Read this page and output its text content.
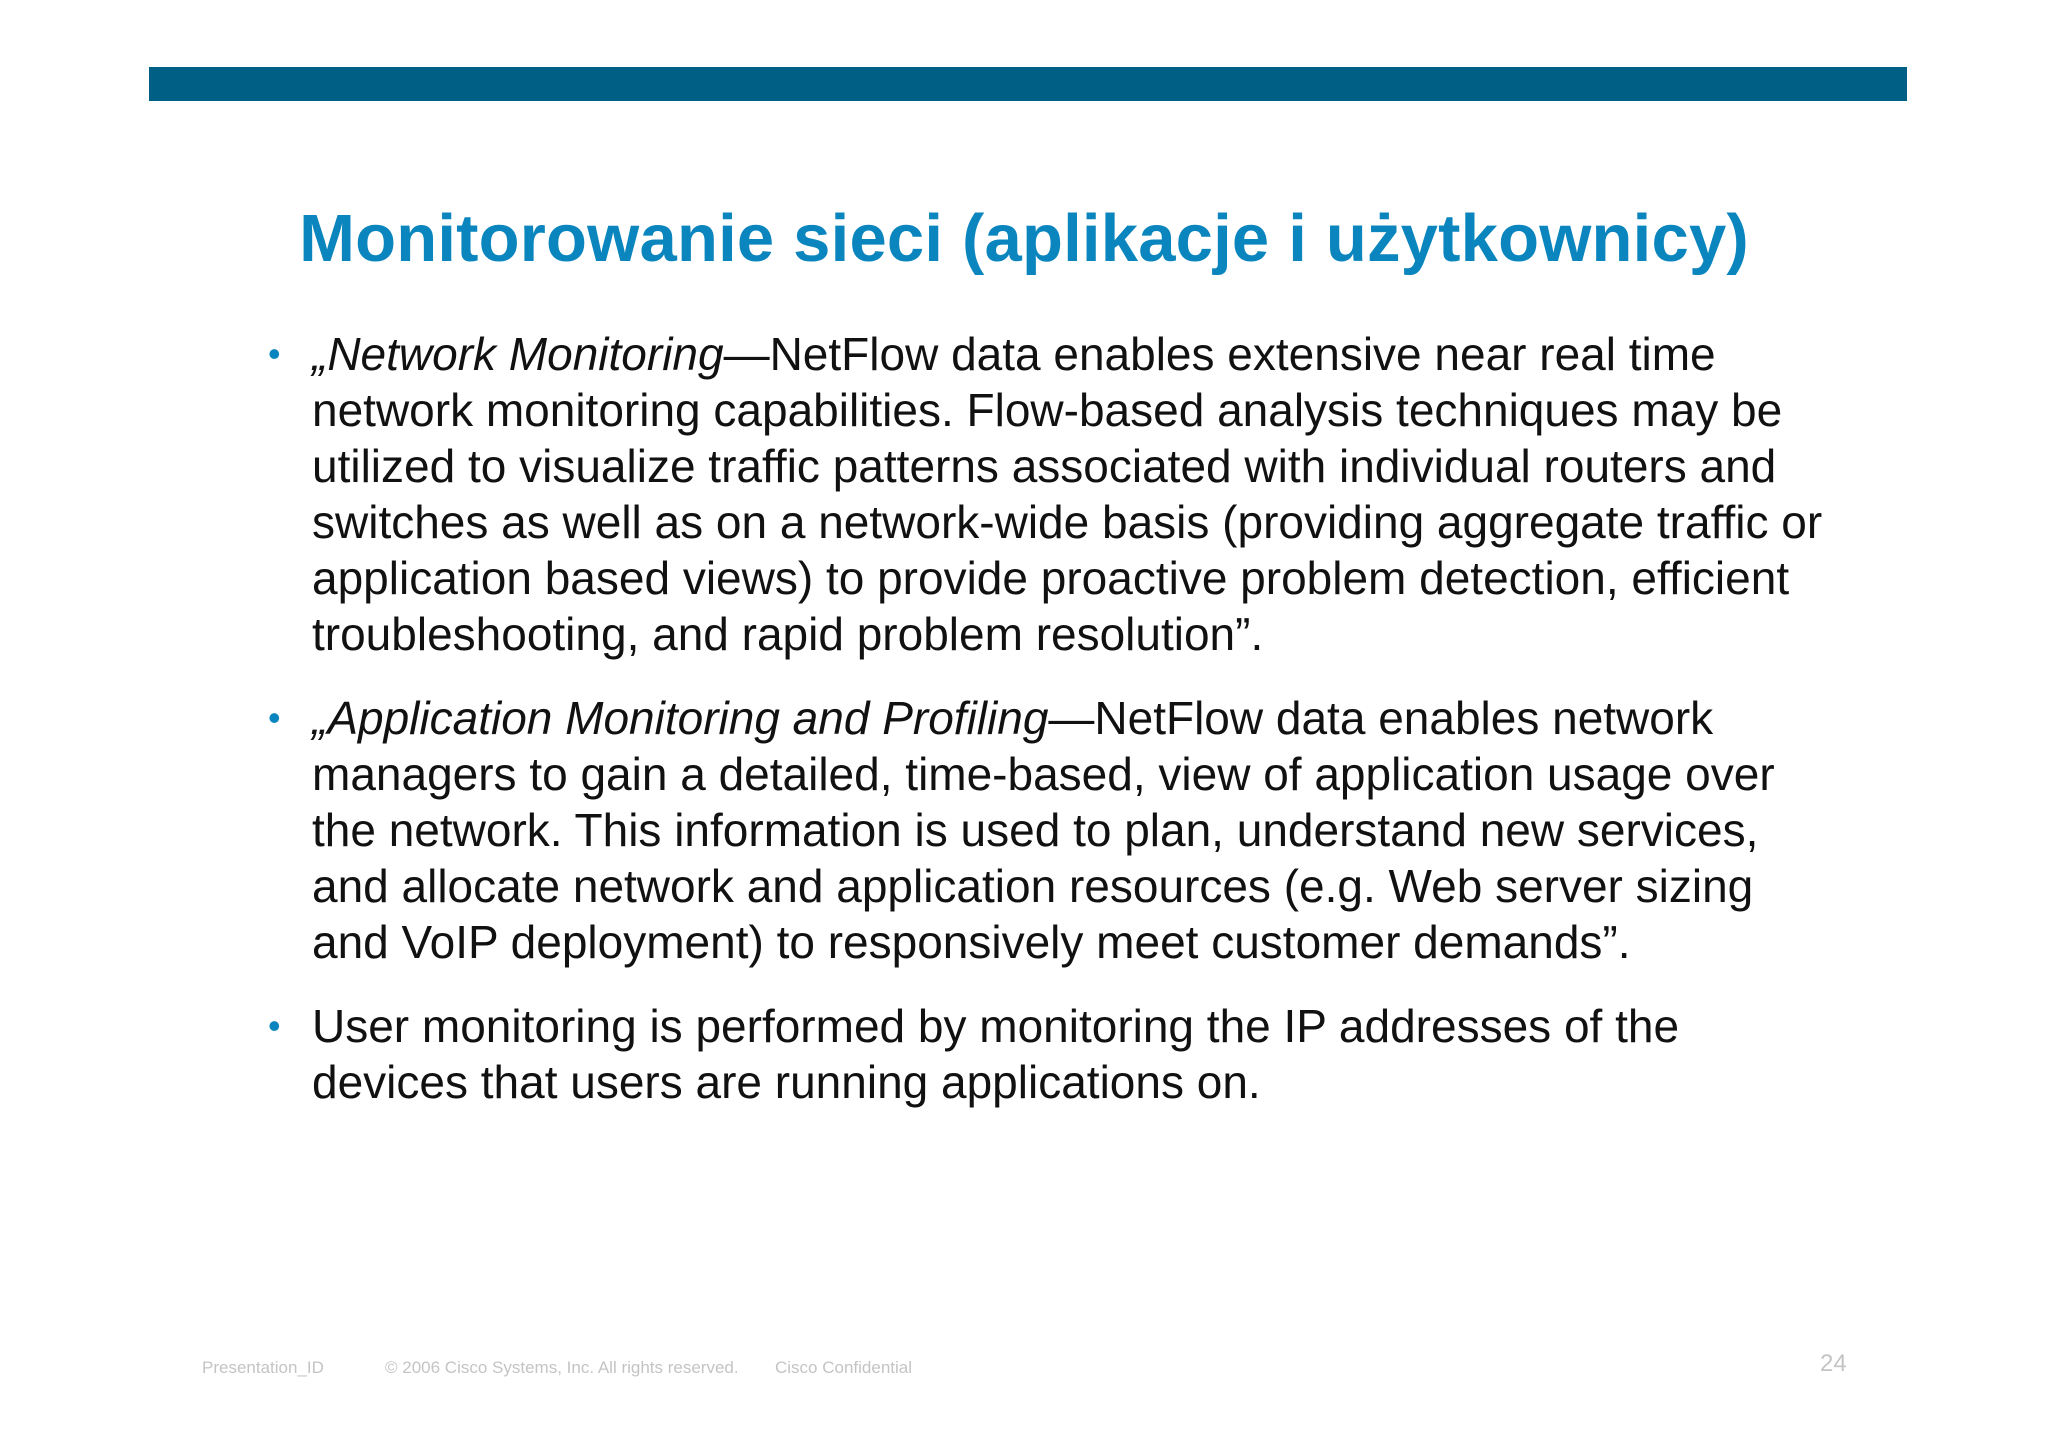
Monitorowanie sieci (aplikacje i użytkownicy)
• „Network Monitoring—NetFlow data enables extensive near real time network monitoring capabilities. Flow-based analysis techniques may be utilized to visualize traffic patterns associated with individual routers and switches as well as on a network-wide basis (providing aggregate traffic or application based views) to provide proactive problem detection, efficient troubleshooting, and rapid problem resolution”.
• „Application Monitoring and Profiling—NetFlow data enables network managers to gain a detailed, time-based, view of application usage over the network. This information is used to plan, understand new services, and allocate network and application resources (e.g. Web server sizing and VoIP deployment) to responsively meet customer demands”.
• User monitoring is performed by monitoring the IP addresses of the devices that users are running applications on.
Presentation_ID	© 2006 Cisco Systems, Inc. All rights reserved. Cisco Confidential	24
